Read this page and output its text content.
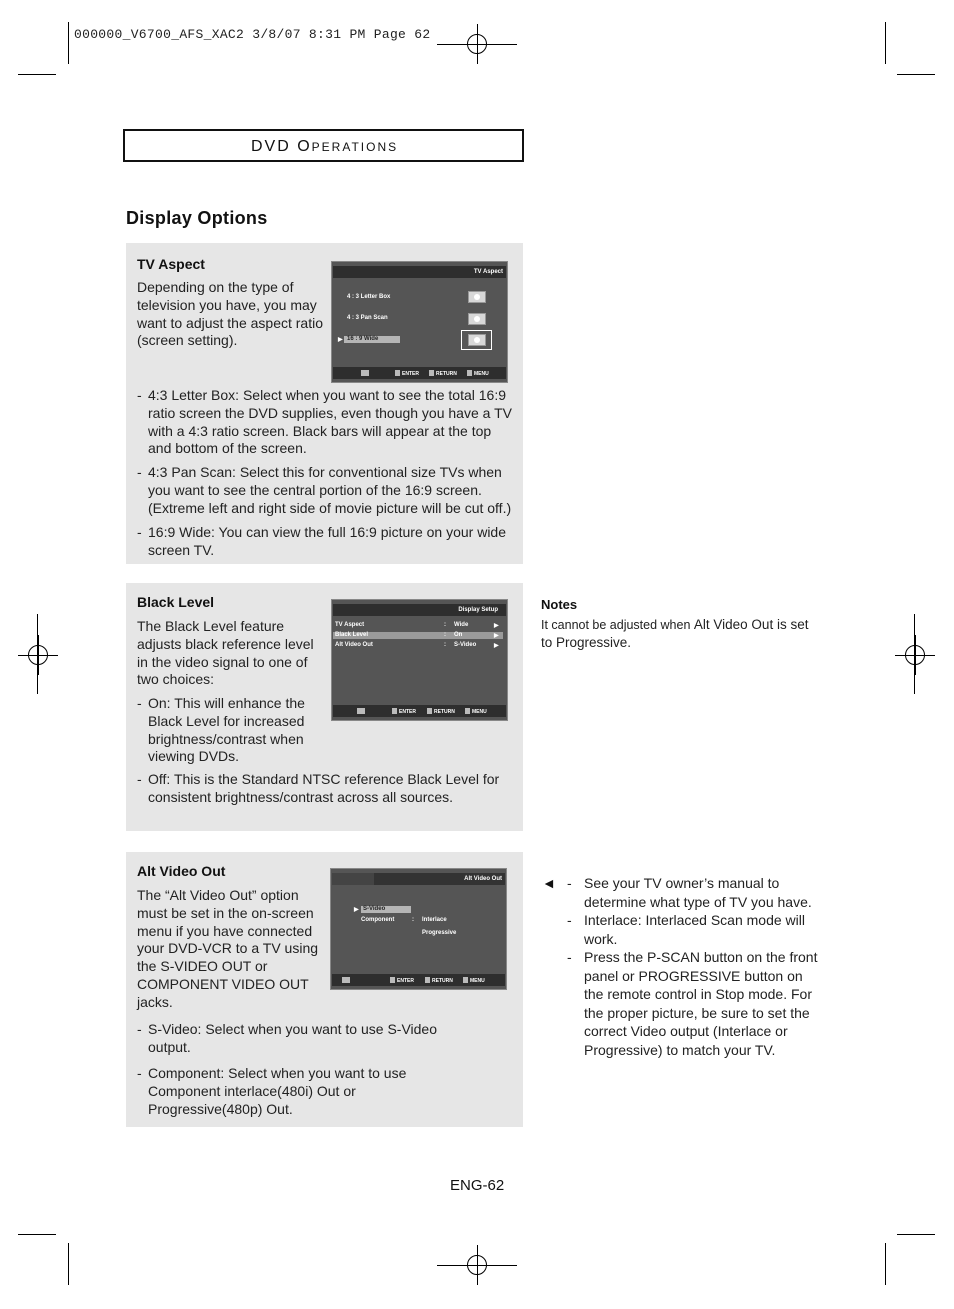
000000_V6700_AFS_XAC2 3/8/07 8:31 PM Page 62
DVD OPERATIONS
Display Options
TV Aspect
Depending on the type of television you have, you may want to adjust the aspect ratio (screen setting).
TV Aspect
4 : 3 Letter Box
4 : 3 Pan Scan
▶ 16 : 9 Wide
ENTER	RETURN	MENU
- 4:3 Letter Box: Select when you want to see the total 16:9 ratio screen the DVD supplies, even though you have a TV with a 4:3 ratio screen. Black bars will appear at the top and bottom of the screen.
- 4:3 Pan Scan: Select this for conventional size TVs when you want to see the central portion of the 16:9 screen. (Extreme left and right side of movie picture will be cut off.)
- 16:9 Wide: You can view the full 16:9 picture on your wide screen TV.
Black Level
The Black Level feature adjusts black reference level in the video signal to one of two choices:
Display Setup
TV Aspect	: Wide	▶
Black Level	: On	▶
Alt Video Out	: S-Video	▶
ENTER	RETURN	MENU
- On: This will enhance the Black Level for increased brightness/contrast when viewing DVDs.
- Off: This is the Standard NTSC reference Black Level for consistent brightness/contrast across all sources.
Notes
It cannot be adjusted when Alt Video Out is set to Progressive.
Alt Video Out
The “Alt Video Out” option must be set in the on-screen menu if you have connected your DVD-VCR to a TV using the S-VIDEO OUT or COMPONENT VIDEO OUT jacks.
Alt Video Out
▶ S-Video
Component	: Interlace
Progressive
ENTER	RETURN	MENU
- S-Video: Select when you want to use S-Video output.
- Component: Select when you want to use Component interlace(480i) Out or Progressive(480p) Out.
◄ - See your TV owner’s manual to determine what type of TV you have.
- Interlace: Interlaced Scan mode will work.
- Press the P-SCAN button on the front panel or PROGRESSIVE button on the remote control in Stop mode. For the proper picture, be sure to set the correct Video output (Interlace or Progressive) to match your TV.
ENG-62
